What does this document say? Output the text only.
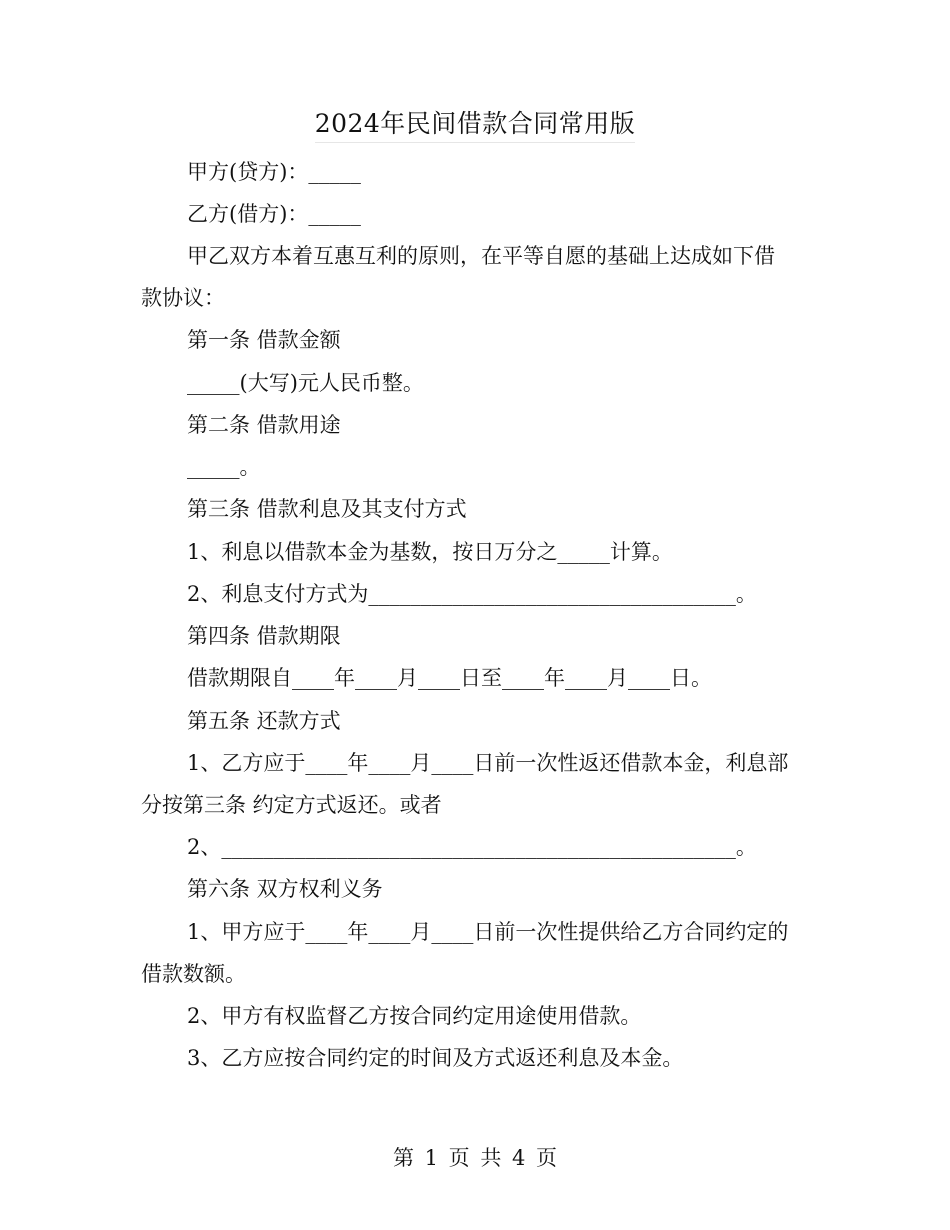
2024年民间借款合同常用版
甲方(贷方)：_____
乙方(借方)：_____
甲乙双方本着互惠互利的原则，在平等自愿的基础上达成如下借
款协议：
第一条 借款金额
_____(大写)元人民币整。
第二条 借款用途
_____。
第三条 借款利息及其支付方式
1、利息以借款本金为基数，按日万分之_____计算。
2、利息支付方式为___________________________________。
第四条 借款期限
借款期限自____年____月____日至____年____月____日。
第五条 还款方式
1、乙方应于____年____月____日前一次性返还借款本金，利息部
分按第三条 约定方式返还。或者
2、_________________________________________________。
第六条 双方权利义务
1、甲方应于____年____月____日前一次性提供给乙方合同约定的
借款数额。
2、甲方有权监督乙方按合同约定用途使用借款。
3、乙方应按合同约定的时间及方式返还利息及本金。
第 1 页 共 4 页
